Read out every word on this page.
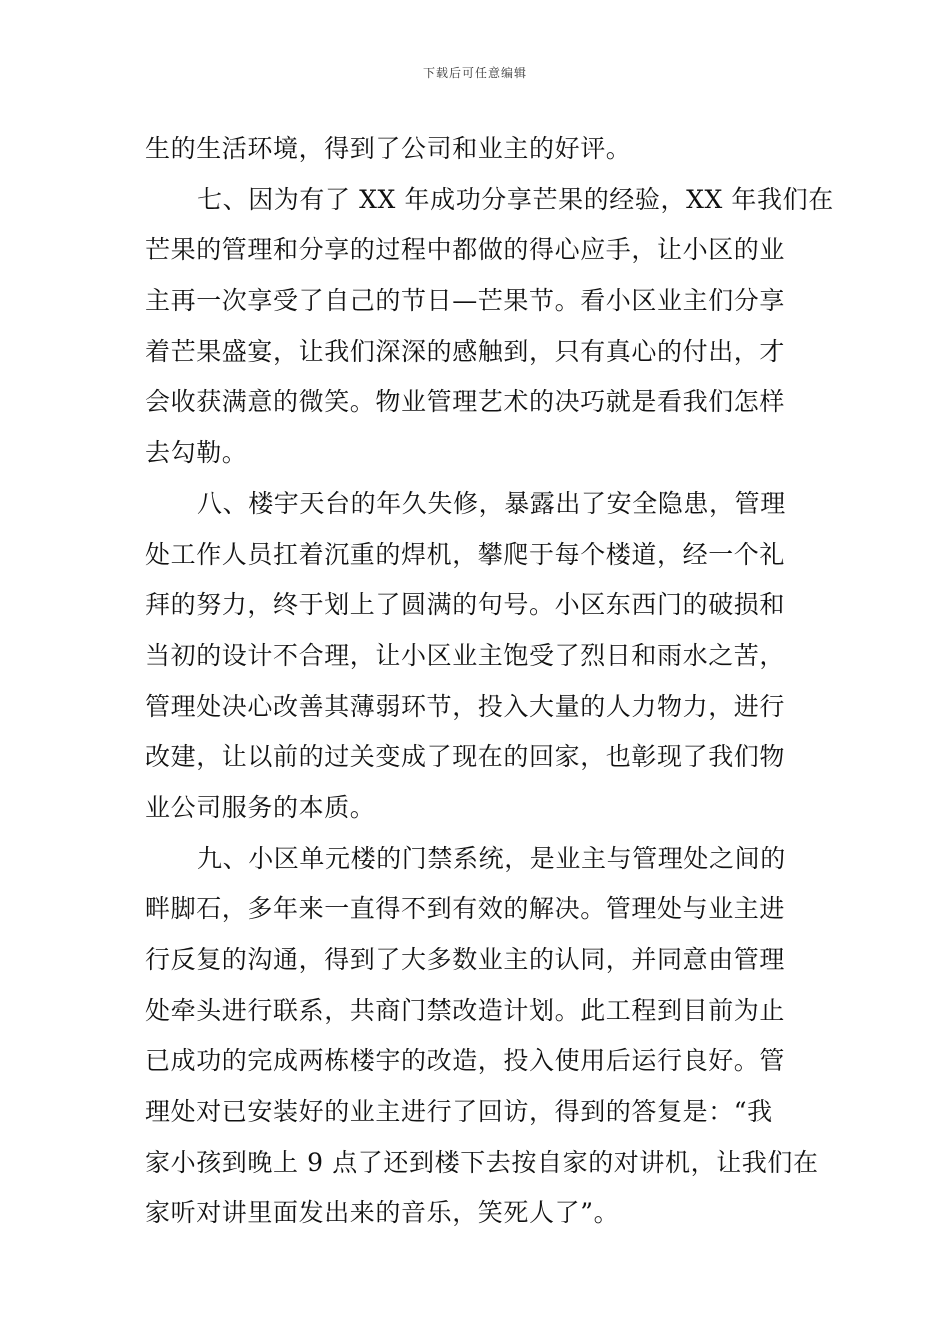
下载后可任意编辑
生的生活环境，得到了公司和业主的好评。
七、因为有了 XX 年成功分享芒果的经验，XX 年我们在
芒果的管理和分享的过程中都做的得心应手，让小区的业
主再一次享受了自己的节日—芒果节。看小区业主们分享
着芒果盛宴，让我们深深的感触到，只有真心的付出，才
会收获满意的微笑。物业管理艺术的决巧就是看我们怎样
去勾勒。
八、楼宇天台的年久失修，暴露出了安全隐患，管理
处工作人员扛着沉重的焊机，攀爬于每个楼道，经一个礼
拜的努力，终于划上了圆满的句号。小区东西门的破损和
当初的设计不合理，让小区业主饱受了烈日和雨水之苦，
管理处决心改善其薄弱环节，投入大量的人力物力，进行
改建，让以前的过关变成了现在的回家，也彰现了我们物
业公司服务的本质。
九、小区单元楼的门禁系统，是业主与管理处之间的
畔脚石，多年来一直得不到有效的解决。管理处与业主进
行反复的沟通，得到了大多数业主的认同，并同意由管理
处牵头进行联系，共商门禁改造计划。此工程到目前为止
已成功的完成两栋楼宇的改造，投入使用后运行良好。管
理处对已安装好的业主进行了回访，得到的答复是：“我
家小孩到晚上 9 点了还到楼下去按自家的对讲机，让我们在
家听对讲里面发出来的音乐，笑死人了”。
